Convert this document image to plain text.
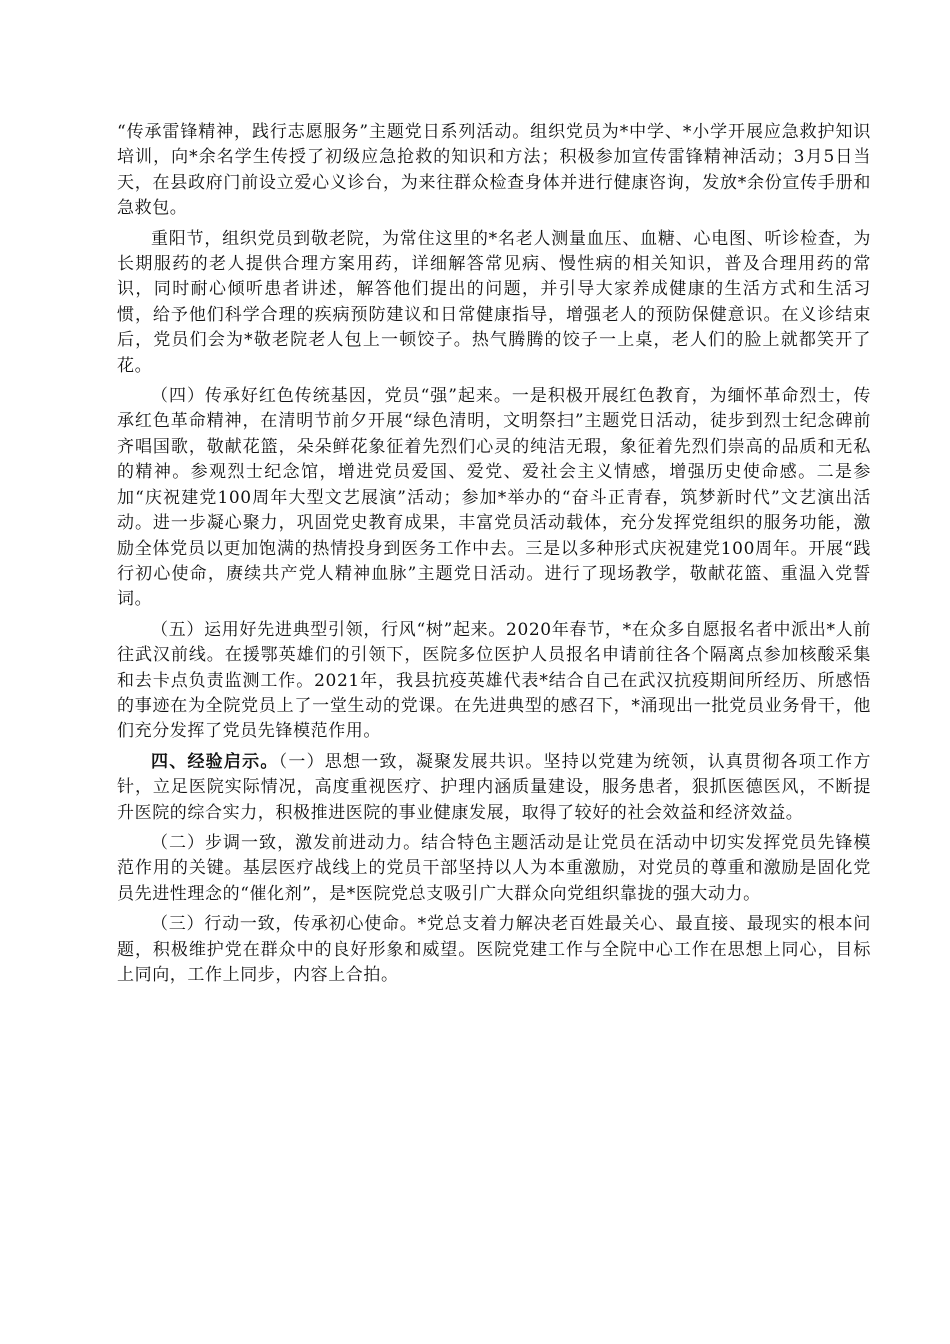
“传承雷锋精神，践行志愿服务”主题党日系列活动。组织党员为*中学、*小学开展应急救护知识培训，向*余名学生传授了初级应急抢救的知识和方法；积极参加宣传雷锋精神活动；3月5日当天，在县政府门前设立爱心义诊台，为来往群众检查身体并进行健康咨询，发放*余份宣传手册和急救包。

重阳节，组织党员到敬老院，为常住这里的*名老人测量血压、血糖、心电图、听诊检查，为长期服药的老人提供合理方案用药，详细解答常见病、慢性病的相关知识，普及合理用药的常识，同时耐心倾听患者讲述，解答他们提出的问题，并引导大家养成健康的生活方式和生活习惯，给予他们科学合理的疾病预防建议和日常健康指导，增强老人的预防保健意识。在义诊结束后，党员们会为*敬老院老人包上一顿饺子。热气腾腾的饺子一上桌，老人们的脸上就都笑开了花。

（四）传承好红色传统基因，党员“强”起来。一是积极开展红色教育，为缅怀革命烈士，传承红色革命精神，在清明节前夕开展“绿色清明，文明祭扫”主题党日活动，徒步到烈士纪念碑前齐唱国歌，敬献花篮，朵朵鲜花象征着先烈们心灵的纯洁无瑕，象征着先烈们崇高的品质和无私的精神。参观烈士纪念馆，增进党员爱国、爱党、爱社会主义情感，增强历史使命感。二是参加“庆祝建党100周年大型文艺展演”活动；参加*举办的“奋斗正青春，筑梦新时代”文艺演出活动。进一步凝心聚力，巩固党史教育成果，丰富党员活动载体，充分发挥党组织的服务功能，激励全体党员以更加饱满的热情投身到医务工作中去。三是以多种形式庆祝建党100周年。开展“践行初心使命，赓续共产党人精神血脉”主题党日活动。进行了现场教学，敬献花篮、重温入党誓词。

（五）运用好先进典型引领，行风“树”起来。2020年春节，*在众多自愿报名者中派出*人前往武汉前线。在援鄂英雄们的引领下，医院多位医护人员报名申请前往各个隔离点参加核酸采集和去卡点负责监测工作。2021年，我县抗疫英雄代表*结合自己在武汉抗疫期间所经历、所感悟的事迹在为全院党员上了一堂生动的党课。在先进典型的感召下，*涌现出一批党员业务骨干，他们充分发挥了党员先锋模范作用。

四、经验启示。（一）思想一致，凝聚发展共识。坚持以党建为统领，认真贯彻各项工作方针，立足医院实际情况，高度重视医疗、护理内涵质量建设，服务患者，狠抓医德医风，不断提升医院的综合实力，积极推进医院的事业健康发展，取得了较好的社会效益和经济效益。

（二）步调一致，激发前进动力。结合特色主题活动是让党员在活动中切实发挥党员先锋模范作用的关键。基层医疗战线上的党员干部坚持以人为本重激励，对党员的尊重和激励是固化党员先进性理念的“催化剂”，是*医院党总支吸引广大群众向党组织靠拢的强大动力。

（三）行动一致，传承初心使命。*党总支着力解决老百姓最关心、最直接、最现实的根本问题，积极维护党在群众中的良好形象和威望。医院党建工作与全院中心工作在思想上同心，目标上同向，工作上同步，内容上合拍。
